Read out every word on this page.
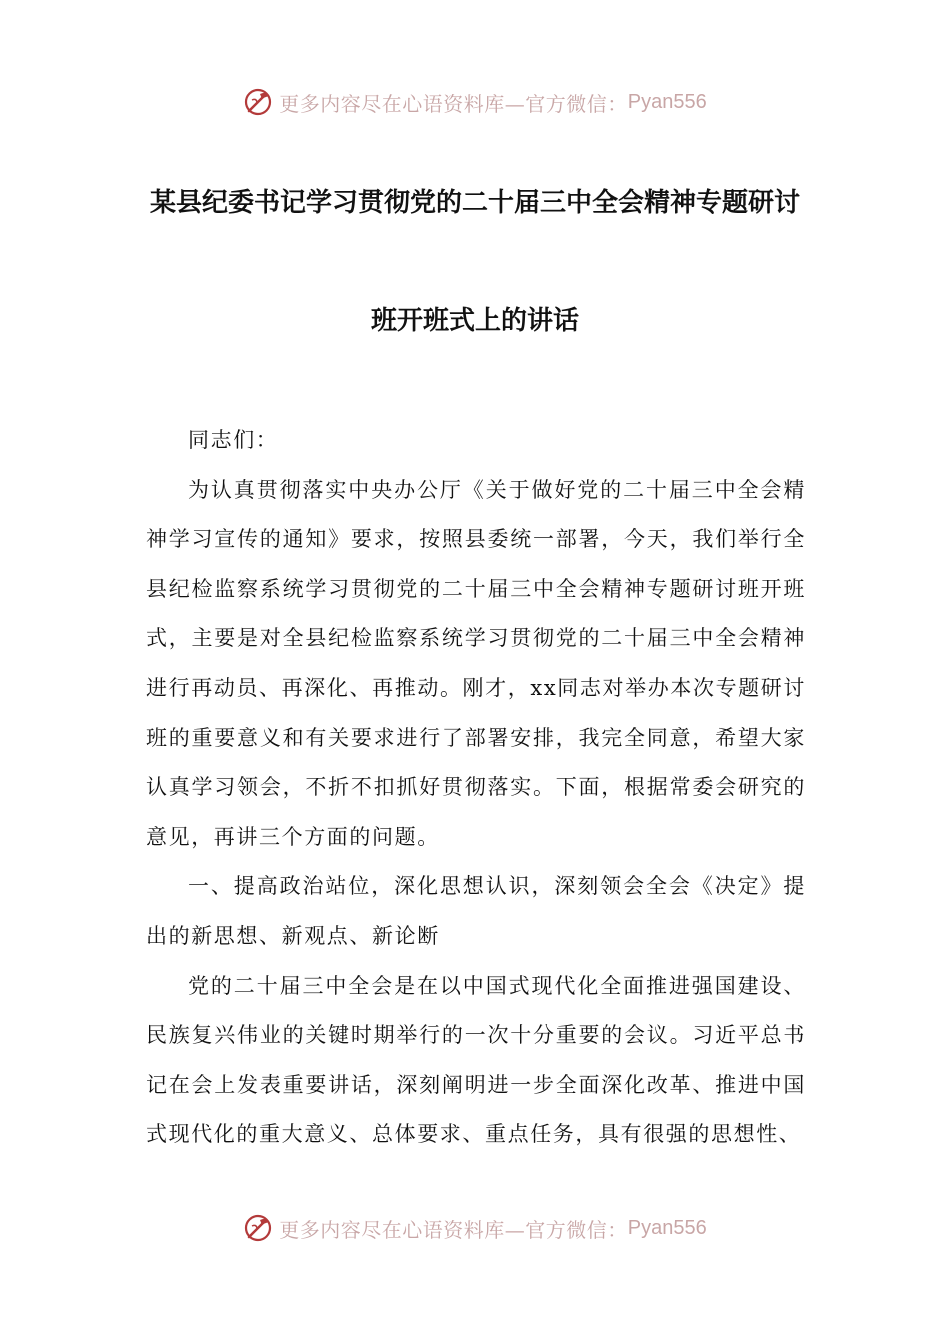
更多内容尽在心语资料库—官方微信： Pyan556
某县纪委书记学习贯彻党的二十届三中全会精神专题研讨
班开班式上的讲话

同志们：

为认真贯彻落实中央办公厅《关于做好党的二十届三中全会精神学习宣传的通知》要求，按照县委统一部署，今天，我们举行全县纪检监察系统学习贯彻党的二十届三中全会精神专题研讨班开班式，主要是对全县纪检监察系统学习贯彻党的二十届三中全会精神进行再动员、再深化、再推动。刚才，xx同志对举办本次专题研讨班的重要意义和有关要求进行了部署安排，我完全同意，希望大家认真学习领会，不折不扣抓好贯彻落实。下面，根据常委会研究的意见，再讲三个方面的问题。

一、提高政治站位，深化思想认识，深刻领会全会《决定》提出的新思想、新观点、新论断

党的二十届三中全会是在以中国式现代化全面推进强国建设、民族复兴伟业的关键时期举行的一次十分重要的会议。习近平总书记在会上发表重要讲话，深刻阐明进一步全面深化改革、推进中国式现代化的重大意义、总体要求、重点任务，具有很强的思想性、

更多内容尽在心语资料库—官方微信： Pyan556
